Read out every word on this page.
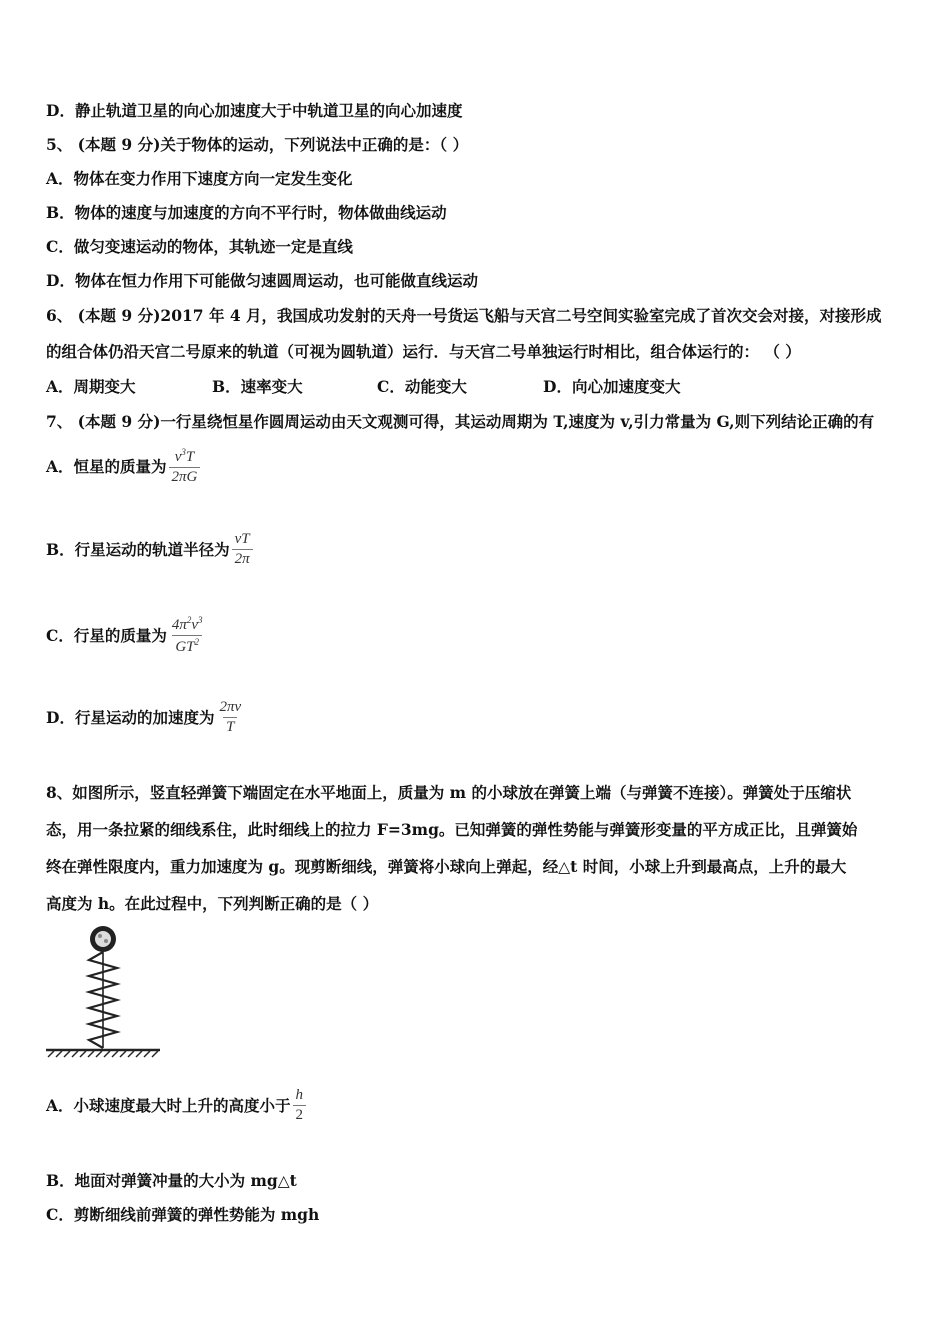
D．静止轨道卫星的向心加速度大于中轨道卫星的向心加速度
5、 (本题 9 分)关于物体的运动，下列说法中正确的是：（ ）
A．物体在变力作用下速度方向一定发生变化
B．物体的速度与加速度的方向不平行时，物体做曲线运动
C．做匀变速运动的物体，其轨迹一定是直线
D．物体在恒力作用下可能做匀速圆周运动，也可能做直线运动
6、 (本题 9 分)2017 年 4 月，我国成功发射的天舟一号货运飞船与天宫二号空间实验室完成了首次交会对接，对接形成
的组合体仍沿天宫二号原来的轨道（可视为圆轨道）运行．与天宫二号单独运行时相比，组合体运行的： （ ）
A．周期变大	B．速率变大	C．动能变大	D．向心加速度变大
7、 (本题 9 分)一行星绕恒星作圆周运动由天文观测可得，其运动周期为 T,速度为 v,引力常量为 G,则下列结论正确的有
A．恒星的质量为 $\frac{v^3T}{2\pi G}$
B．行星运动的轨道半径为 $\frac{vT}{2\pi}$
C．行星的质量为 $\frac{4\pi^2v^3}{GT^2}$
D．行星运动的加速度为 $\frac{2\pi v}{T}$
8、如图所示，竖直轻弹簧下端固定在水平地面上，质量为 m 的小球放在弹簧上端（与弹簧不连接）。弹簧处于压缩状
态，用一条拉紧的细线系住，此时细线上的拉力 F=3mg。已知弹簧的弹性势能与弹簧形变量的平方成正比，且弹簧始
终在弹性限度内，重力加速度为 g。现剪断细线，弹簧将小球向上弹起，经△t 时间，小球上升到最高点，上升的最大
高度为 h。在此过程中，下列判断正确的是（ ）
A．小球速度最大时上升的高度小于 $\frac{h}{2}$
B．地面对弹簧冲量的大小为 mg△t
C．剪断细线前弹簧的弹性势能为 mgh
